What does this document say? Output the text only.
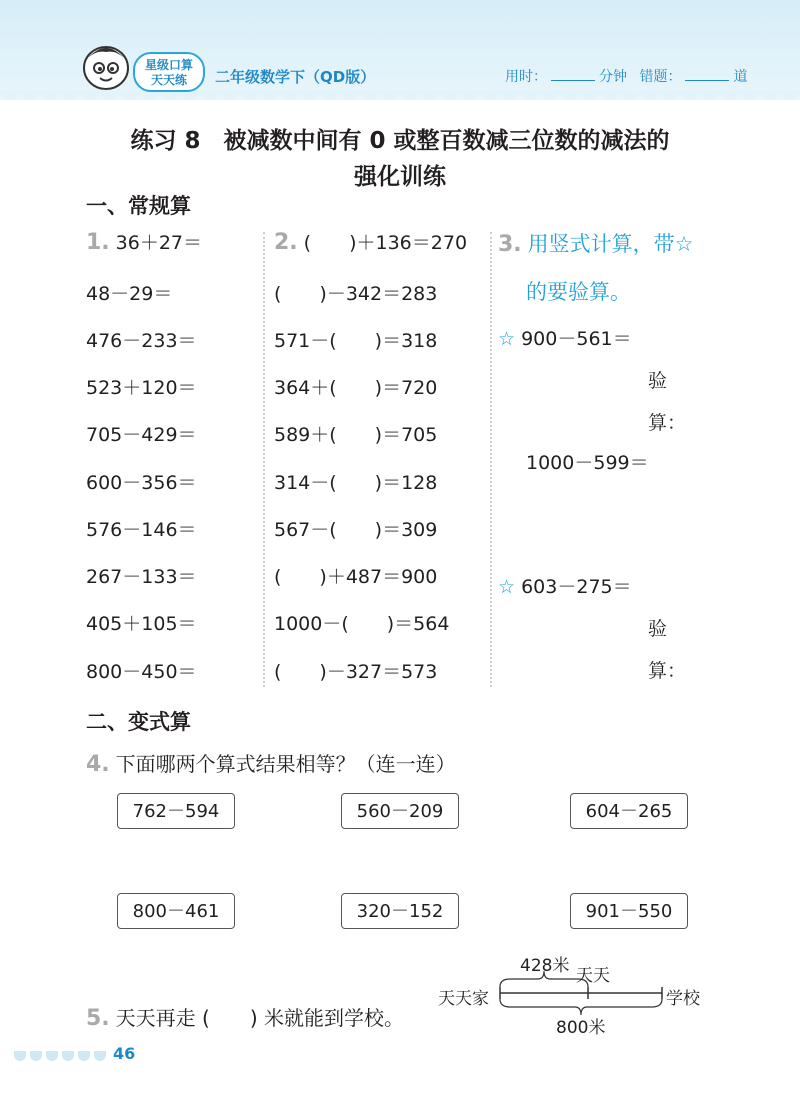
星级口算
天天练	二年级数学下（QD版）	用时：	分钟 错题：	道
练习 8　被减数中间有 0 或整百数减三位数的减法的
强化训练
一、常规算
1. 36＋27＝
48－29＝
476－233＝
523＋120＝
705－429＝
600－356＝
576－146＝
267－133＝
405＋105＝
800－450＝
2. (　　)＋136＝270
(　　)－342＝283
571－(　　)＝318
364＋(　　)＝720
589＋(　　)＝705
314－(　　)＝128
567－(　　)＝309
(　　)＋487＝900
1000－(　　)＝564
(　　)－327＝573
3. 用竖式计算，带☆
的要验算。
☆ 900－561＝
验
算：
1000－599＝
☆ 603－275＝
验
算：
二、变式算
4. 下面哪两个算式结果相等？（连一连）
762－594	560－209	604－265
800－461	320－152	901－550
5. 天天再走 (　　) 米就能到学校。
428米 天天
天天家	学校
800米
46
